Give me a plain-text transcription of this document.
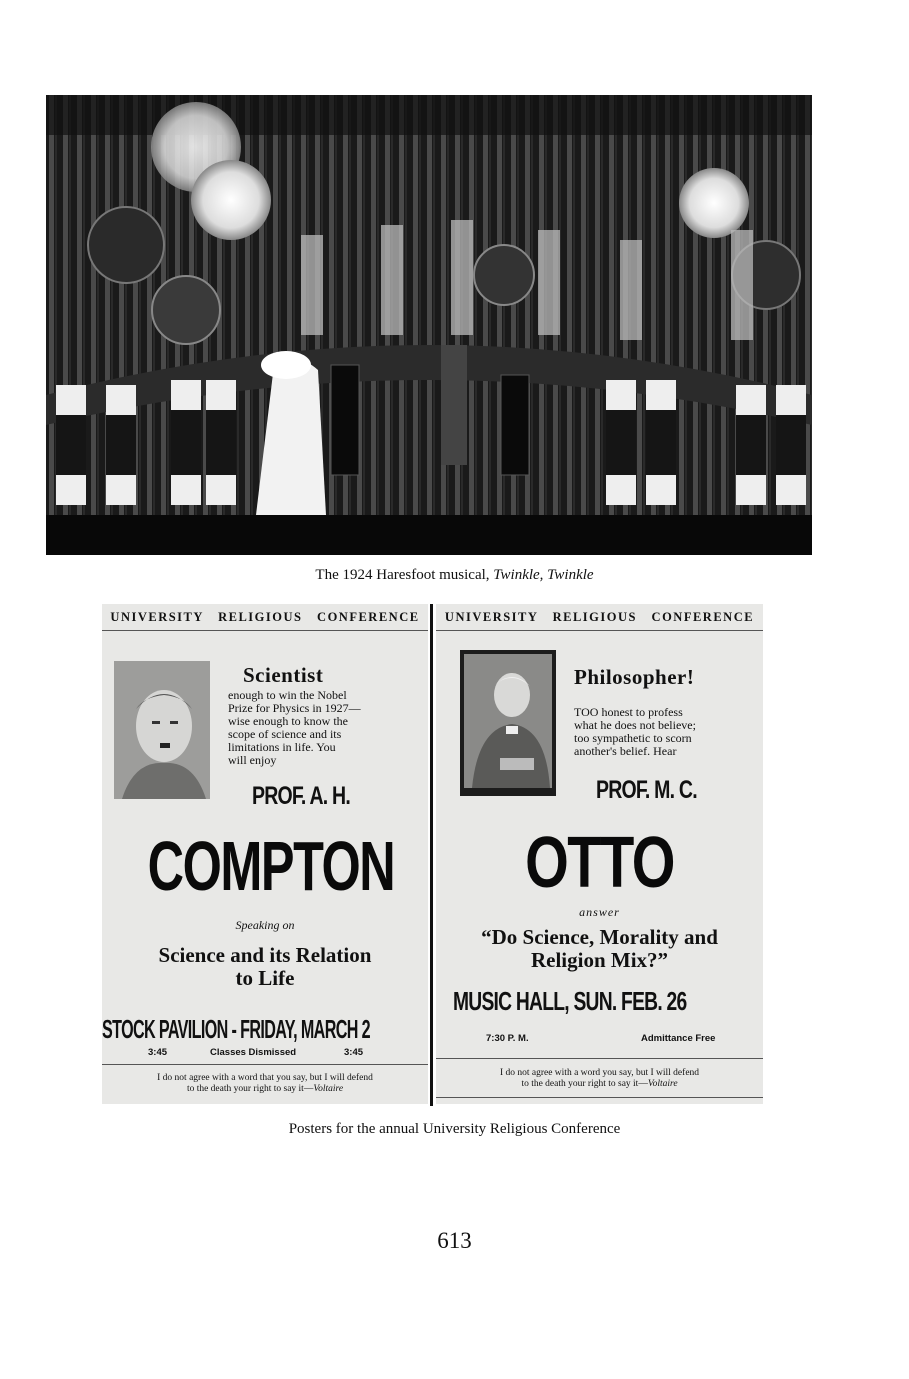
The 1924 Haresfoot musical, Twinkle, Twinkle
UNIVERSITY RELIGIOUS CONFERENCE
Scientist
enough to win the Nobel
Prize for Physics in 1927—
wise enough to know the
scope of science and its
limitations in life. You
will enjoy
PROF. A. H.
COMPTON
Speaking on
Science and its Relation
to Life
STOCK PAVILION - FRIDAY, MARCH 2
3:45	Classes Dismissed	3:45
I do not agree with a word that you say, but I will defend
to the death your right to say it—Voltaire
UNIVERSITY RELIGIOUS CONFERENCE
Philosopher!
TOO honest to profess
what he does not believe;
too sympathetic to scorn
another's belief. Hear
PROF. M. C.
OTTO
answer
“Do Science, Morality and
Religion Mix?”
MUSIC HALL, SUN. FEB. 26
7:30 P. M.	Admittance Free
I do not agree with a word you say, but I will defend
to the death your right to say it—Voltaire
Posters for the annual University Religious Conference
613
